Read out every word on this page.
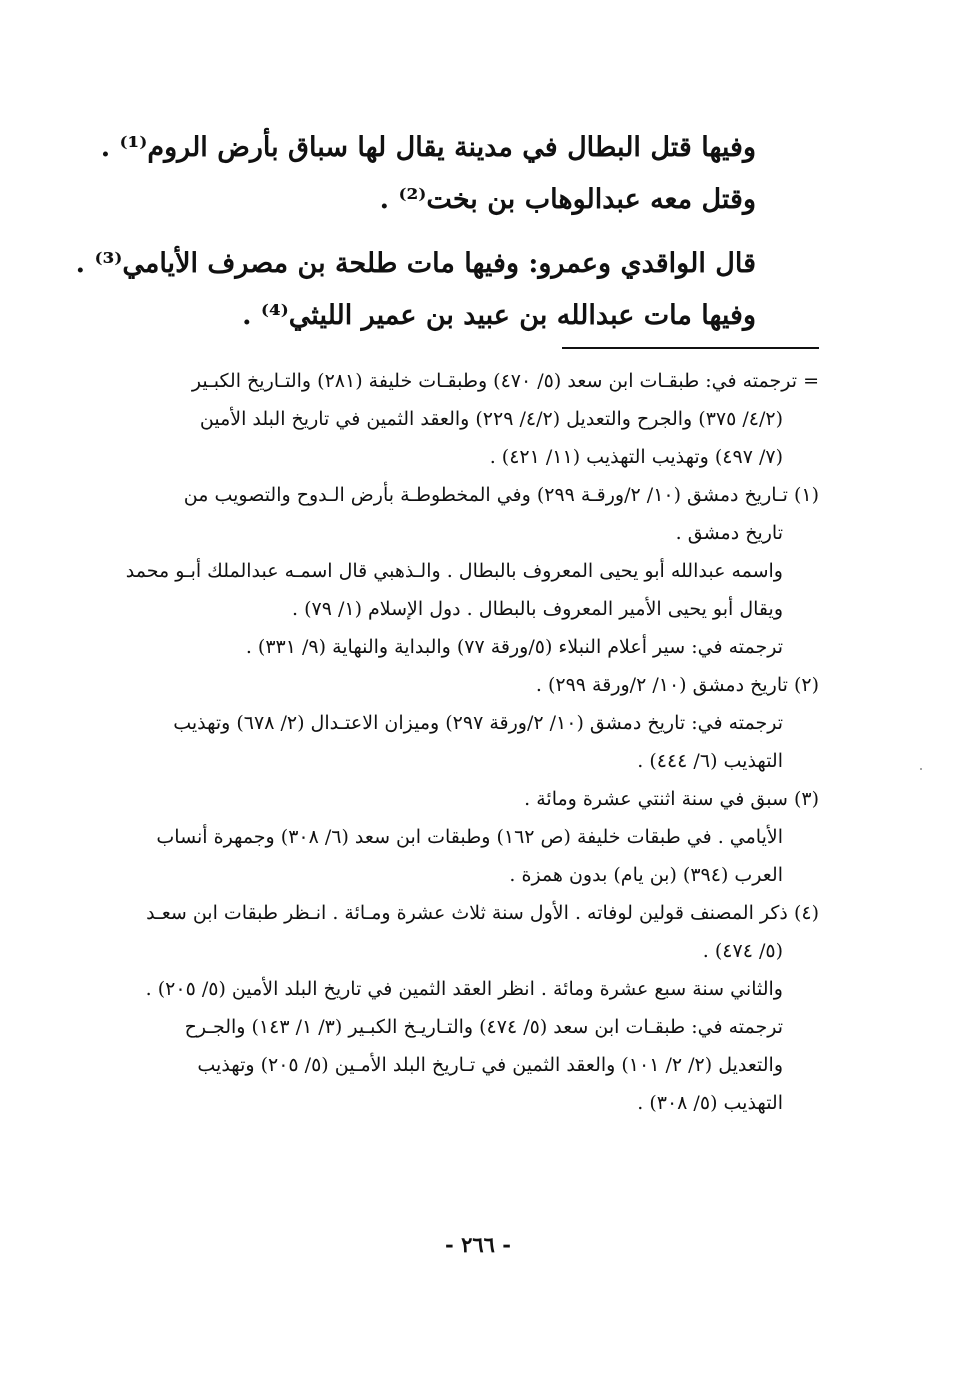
وفيها قتل البطال في مدينة يقال لها سباق بأرض الروم⁽¹⁾ .
وقتل معه عبدالوهاب بن بخت⁽²⁾ .
قال الواقدي وعمرو: وفيها مات طلحة بن مصرف الأيامي⁽³⁾ .
وفيها مات عبدالله بن عبيد بن عمير الليثي⁽⁴⁾ .
= ترجمته في: طبقـات ابن سعد (٥/ ٤٧٠) وطبقـات خليفة (٢٨١) والتـاريخ الكبـير
(٤/٢/ ٣٧٥) والجرح والتعديل (٤/٢/ ٢٢٩) والعقد الثمين في تاريخ البلد الأمين
(٧/ ٤٩٧) وتهذيب التهذيب (١١/ ٤٢١) .
(١) تـاريخ دمشق (١٠/ ٢/ورقـة ٢٩٩) وفي المخطوطـة بأرض الـدوح والتصويب من
تاريخ دمشق .
واسمه عبدالله أبو يحيى المعروف بالبطال . والـذهبي قال اسمـه عبدالملك أبـو محمد
ويقال أبو يحيى الأمير المعروف بالبطال . دول الإسلام (١/ ٧٩) .
ترجمته في: سير أعلام النبلاء (٥/ورقة ٧٧) والبداية والنهاية (٩/ ٣٣١) .
(٢) تاريخ دمشق (١٠/ ٢/ورقة ٢٩٩) .
ترجمته في: تاريخ دمشق (١٠/ ٢/ورقة ٢٩٧) وميزان الاعتـدال (٢/ ٦٧٨) وتهذيب
التهذيب (٦/ ٤٤٤) .
(٣) سبق في سنة اثنتي عشرة ومائة .
الأيامي . في طبقات خليفة (ص ١٦٢) وطبقات ابن سعد (٦/ ٣٠٨) وجمهرة أنساب
العرب (٣٩٤) (بن يام) بدون همزة .
(٤) ذكر المصنف قولين لوفاته . الأول سنة ثلاث عشرة ومـائة . انـظر طبقات ابن سعـد
(٥/ ٤٧٤) .
والثاني سنة سبع عشرة ومائة . انظر العقد الثمين في تاريخ البلد الأمين (٥/ ٢٠٥) .
ترجمته في: طبقـات ابن سعد (٥/ ٤٧٤) والتـاريـخ الكبـير (٣/ ١/ ١٤٣) والجـرح
والتعديل (٢/ ٢/ ١٠١) والعقد الثمين في تـاريخ البلد الأمـين (٥/ ٢٠٥) وتهذيب
التهذيب (٥/ ٣٠٨) .
- ٢٦٦ -
